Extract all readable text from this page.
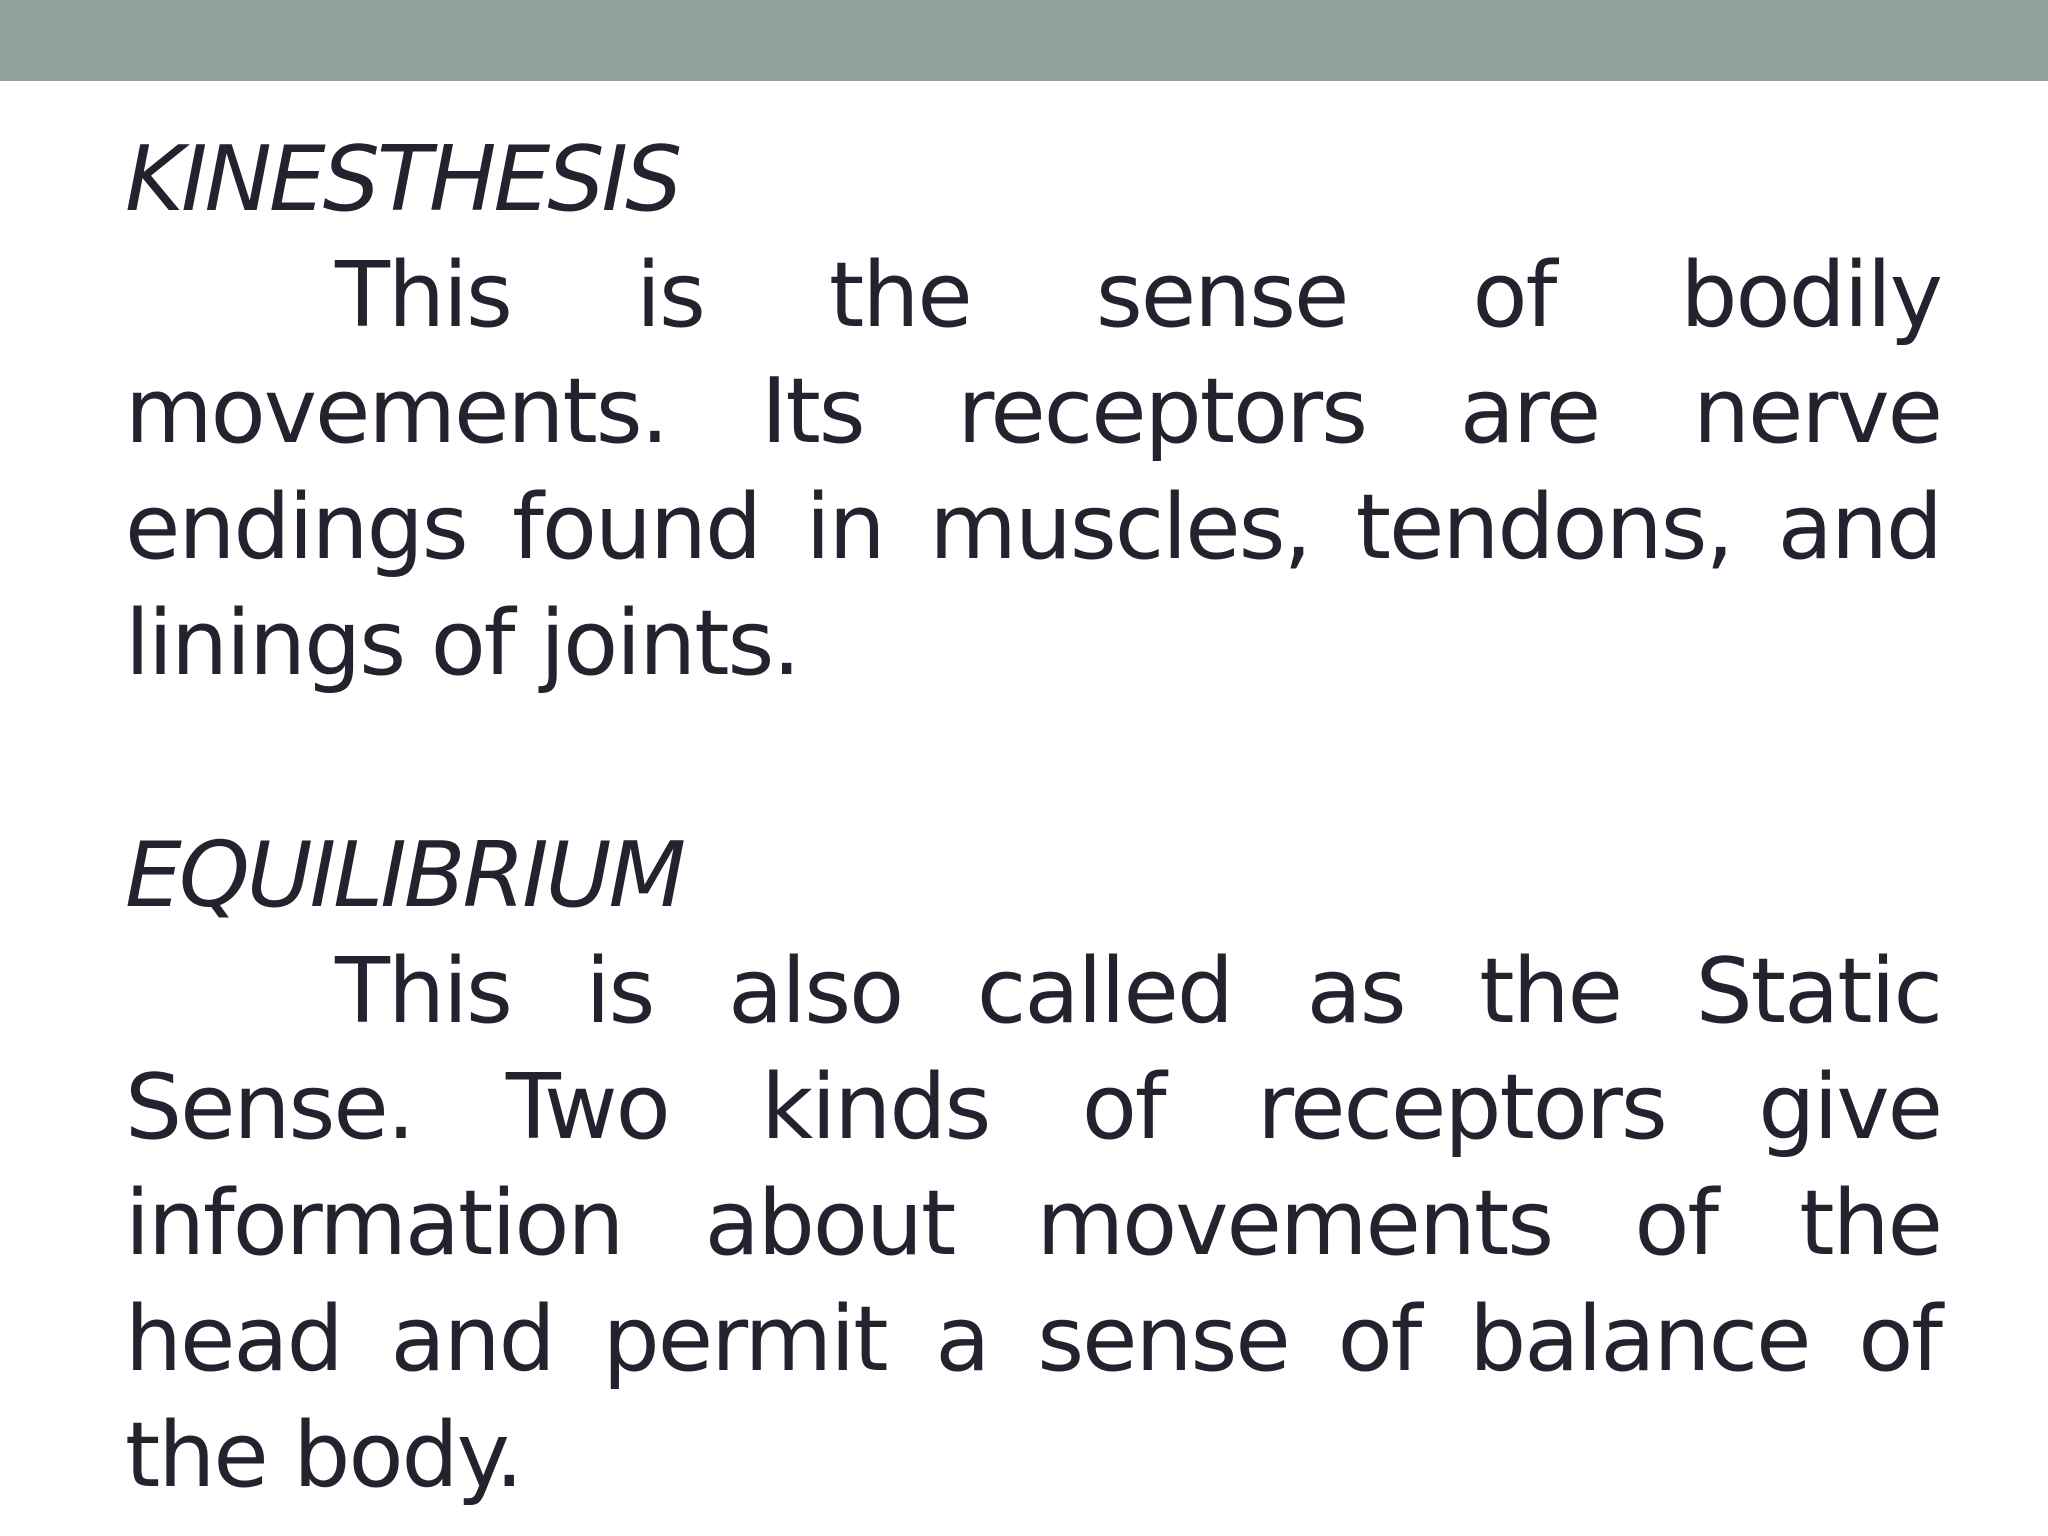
KINESTHESIS

This is the sense of bodily movements. Its receptors are nerve endings found in muscles, tendons, and linings of joints.

EQUILIBRIUM

This is also called as the Static Sense. Two kinds of receptors give information about movements of the head and permit a sense of balance of the body.
